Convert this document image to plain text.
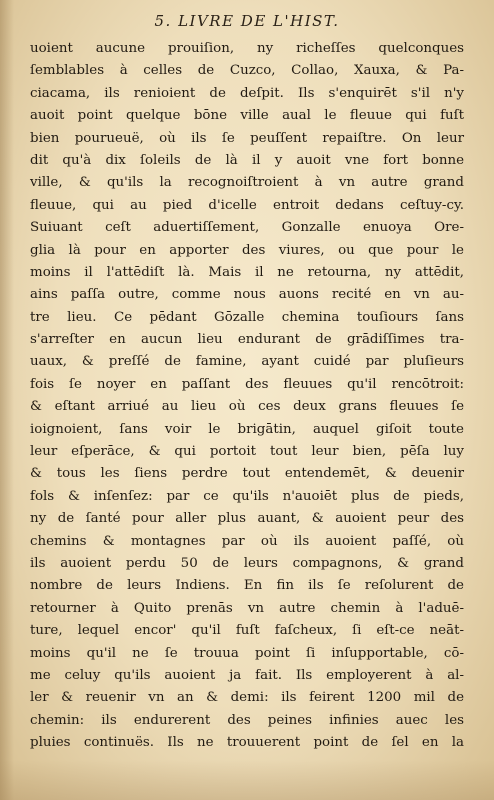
5. LIVRE DE L'HIST.
uoient aucune prouiſion, ny richeſſes quelconques
ſemblables à celles de Cuzco, Collao, Xauxa, & Pa-
ciacama, ils renioient de deſpit. Ils s'enquirēt s'il n'y
auoit point quelque bōne ville aual le fleuue qui fuſt
bien pourueuë, où ils ſe peuſſent repaiſtre. On leur
dit qu'à dix ſoleils de là il y auoit vne fort bonne
ville, & qu'ils la recognoiſtroient à vn autre grand
fleuue, qui au pied d'icelle entroit dedans ceſtuy-cy.
Suiuant ceſt aduertiſſement, Gonzalle enuoya Ore-
glia là pour en apporter des viures, ou que pour le
moins il l'attēdiſt là. Mais il ne retourna, ny attēdit,
ains paſſa outre, comme nous auons recité en vn au-
tre lieu. Ce pēdant Gōzalle chemina touſiours ſans
s'arreſter en aucun lieu endurant de grādiſſimes tra-
uaux, & preſſé de famine, ayant cuidé par pluſieurs
fois ſe noyer en paſſant des fleuues qu'il rencōtroit:
& eſtant arriué au lieu où ces deux grans fleuues ſe
ioignoient, ſans voir le brigātin, auquel giſoit toute
leur eſperāce, & qui portoit tout leur bien, pēſa luy
& tous les ſiens perdre tout entendemēt, & deuenir
fols & inſenſez: par ce qu'ils n'auoiēt plus de pieds,
ny de ſanté pour aller plus auant, & auoient peur des
chemins & montagnes par où ils auoient paſſé, où
ils auoient perdu 50 de leurs compagnons, & grand
nombre de leurs Indiens. En fin ils ſe reſolurent de
retourner à Quito prenās vn autre chemin à l'aduē-
ture, lequel encor' qu'il fuſt faſcheux, ſi eſt-ce neāt-
moins qu'il ne ſe trouua point ſi inſupportable, cō-
me celuy qu'ils auoient ja fait. Ils employerent à al-
ler & reuenir vn an & demi: ils feirent 1200 mil de
chemin: ils endurerent des peines infinies auec les
pluies continuës. Ils ne trouuerent point de ſel en la
